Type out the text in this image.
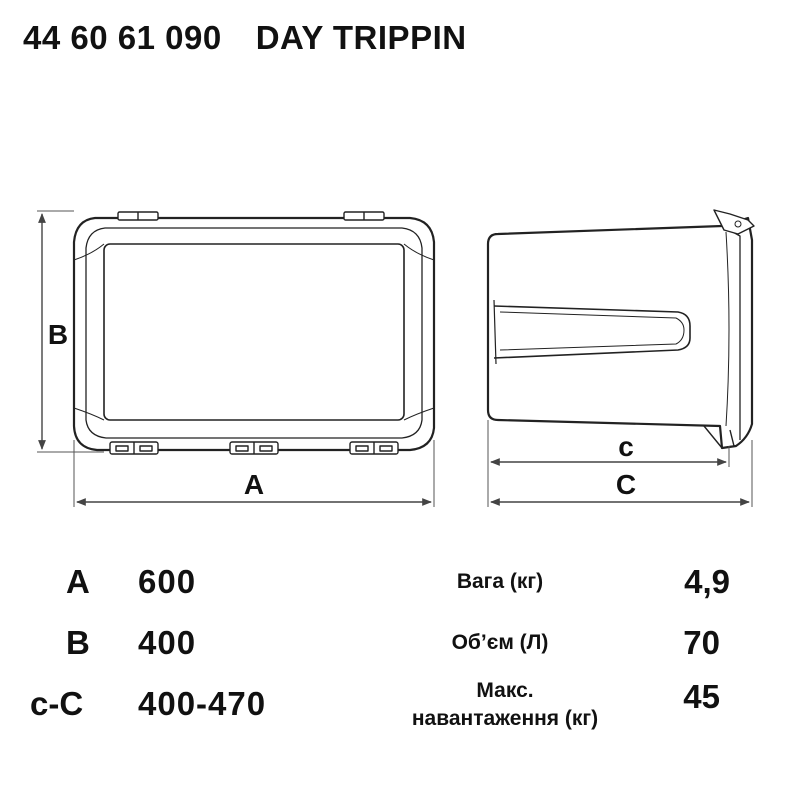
44 60 61 090 DAY TRIPPIN
B
A
c
C
A 600
B 400
c-C 400-470
Вага (кг)	4,9
Об’єм (Л)	70
Макс.
навантаження (кг)
45
